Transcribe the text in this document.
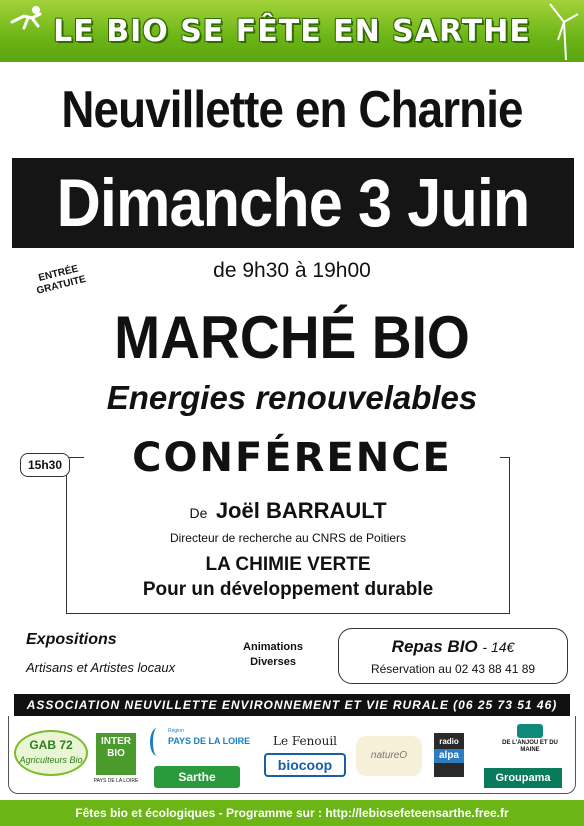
LE BIO SE FÊTE EN SARTHE
Neuvillette en Charnie
Dimanche 3 Juin
ENTRÉE GRATUITE
de 9h30 à 19h00
MARCHÉ BIO
Energies renouvelables
15h30	CONFÉRENCE
De Joël BARRAULT
Directeur de recherche au CNRS de Poitiers
LA CHIMIE VERTE
Pour un développement durable
Expositions
Artisans et Artistes locaux
Animations
Diverses
Repas BIO - 14€
Réservation au 02 43 88 41 89
ASSOCIATION NEUVILLETTE ENVIRONNEMENT ET VIE RURALE (06 25 73 51 46)
GAB 72
Agriculteurs Bio
INTER BIO
PAYS DE LA LOIRE
Région
PAYS DE LA LOIRE
Sarthe
Le Fenouil
biocoop
natureO
radio
alpa
DE L'ANJOU ET DU MAINE
Groupama
Fêtes bio et écologiques - Programme sur : http://lebiosefeteensarthe.free.fr
